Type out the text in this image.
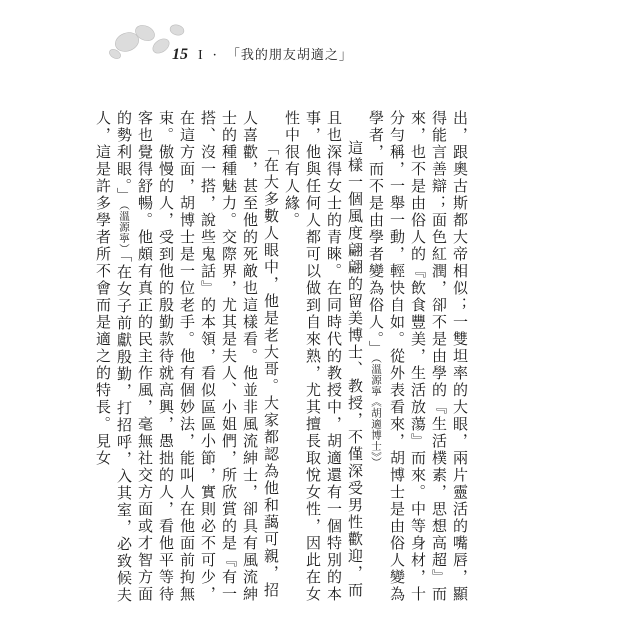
15 I · 「我的朋友胡適之」

出，跟奧古斯都大帝相似；一雙坦率的大眼，兩片靈活的嘴唇，顯得能言善辯；面色紅潤，卻不是由學的『生活樸素，思想高超』而來，也不是由俗人的『飲食豐美，生活放蕩』而來。中等身材，十分勻稱，一舉一動，輕快自如。從外表看來，胡博士是由俗人變為學者，而不是由學者變為俗人。」（溫源寧《胡適博士》）

這樣一個風度翩翩的留美博士、教授，不僅深受男性歡迎，而且也深得女士的青睞。在同時代的教授中，胡適還有一個特別的本事，他與任何人都可以做到自來熟，尤其擅長取悅女性，因此在女性中很有人緣。

「在大多數人眼中，他是老大哥。大家都認為他和藹可親，招人喜歡，甚至他的死敵也這樣看。他並非風流紳士，卻具有風流紳士的種種魅力。交際界，尤其是夫人、小姐們，所欣賞的是『有一搭、沒一搭，說些鬼話』的本領，看似區區小節，實則必不可少，在這方面，胡博士是一位老手。他有個妙法，能叫人在他面前拘無束。傲慢的人，受到他的殷勤款待就高興，愚拙的人，看他平等待客也覺得舒暢。他頗有真正的民主作風，毫無社交方面或才智方面的勢利眼。」（溫源寧）「在女子前獻殷勤，打招呼，入其室，必致候夫人，這是許多學者所不會而是適之的特長。見女
